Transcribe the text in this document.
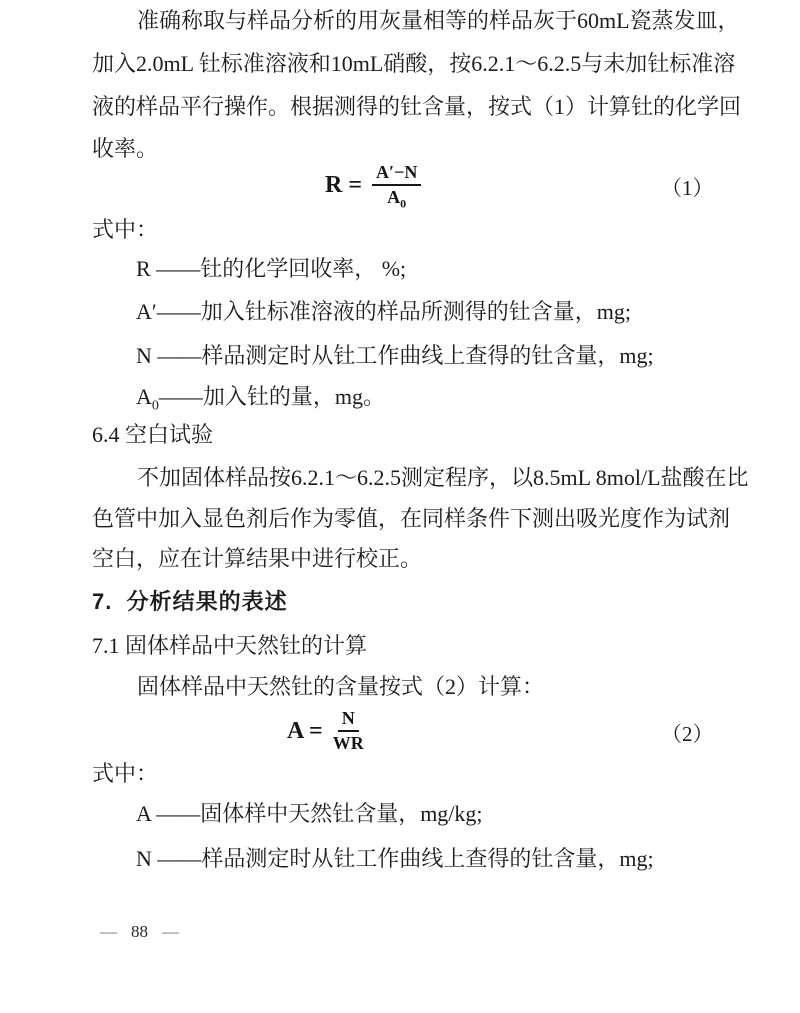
准确称取与样品分析的用灰量相等的样品灰于60mL瓷蒸发皿，
加入2.0mL 钍标准溶液和10mL硝酸，按6.2.1～6.2.5与未加钍标准溶
液的样品平行操作。根据测得的钍含量，按式（1）计算钍的化学回
收率。
$R = \frac{A'-N}{A_0}$	（1）
式中：
R ——钍的化学回收率， %;
A′——加入钍标准溶液的样品所测得的钍含量，mg;
N ——样品测定时从钍工作曲线上查得的钍含量，mg;
$A_0——$加入钍的量，mg。
6.4 空白试验
不加固体样品按6.2.1～6.2.5测定程序，以8.5mL 8mol/L盐酸在比
色管中加入显色剂后作为零值，在同样条件下测出吸光度作为试剂
空白，应在计算结果中进行校正。
7.  分析结果的表述
7.1 固体样品中天然钍的计算
固体样品中天然钍的含量按式（2）计算：
$A = \frac{N}{WR}$	（2）
式中：
A ——固体样中天然钍含量，mg/kg;
N ——样品测定时从钍工作曲线上查得的钍含量，mg;
— 88 —
